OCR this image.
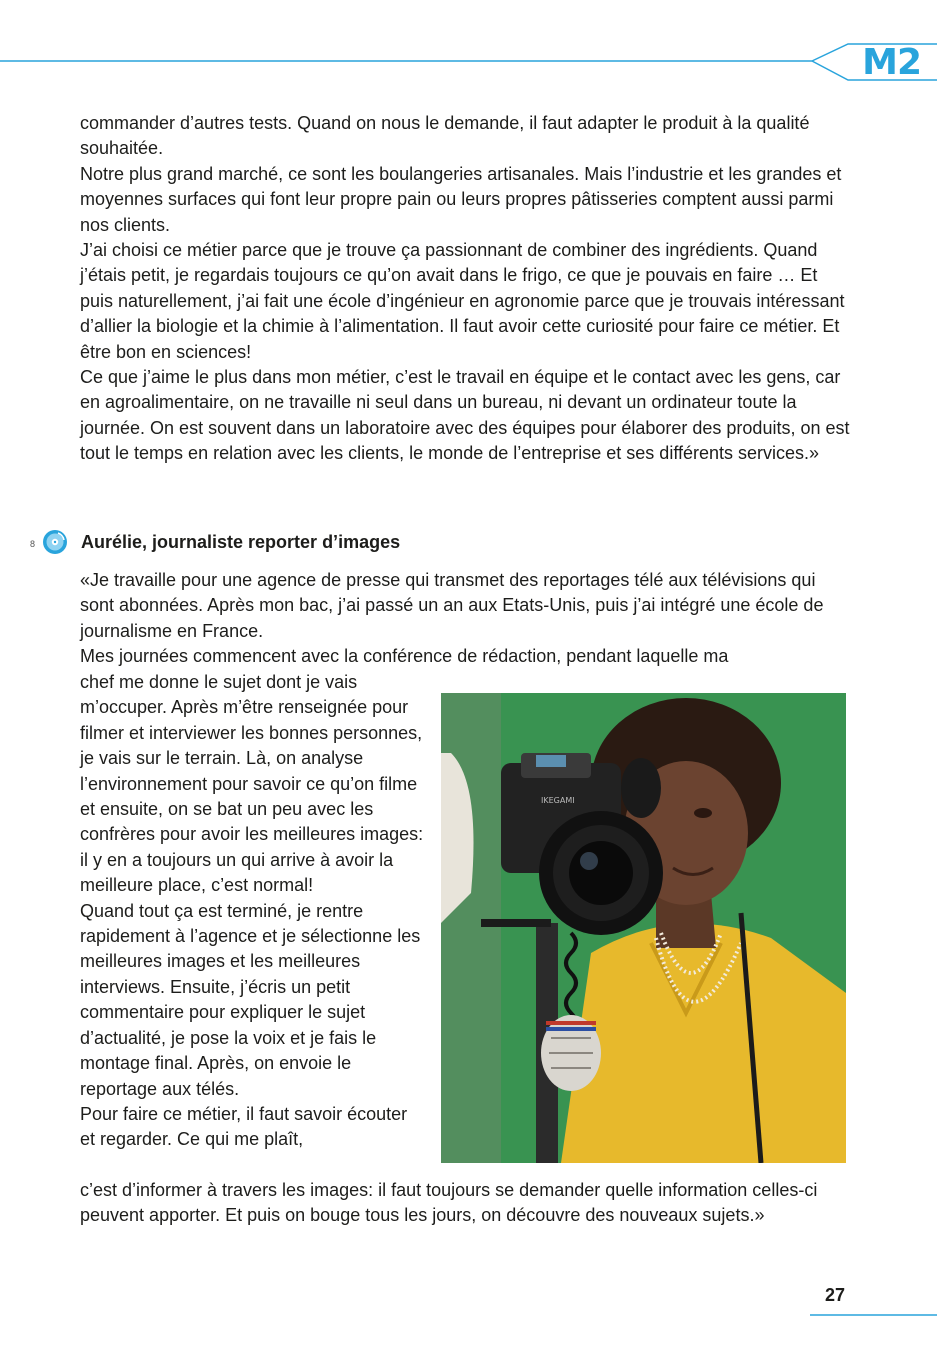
M2

commander d’autres tests. Quand on nous le demande, il faut adapter le produit à la qualité souhaitée.

Notre plus grand marché, ce sont les boulangeries artisanales. Mais l’industrie et les grandes et moyennes surfaces qui font leur propre pain ou leurs propres pâtisseries comptent aussi parmi nos clients.

J’ai choisi ce métier parce que je trouve ça passionnant de combiner des ingrédients. Quand j’étais petit, je regardais toujours ce qu’on avait dans le frigo, ce que je pouvais en faire … Et puis naturellement, j’ai fait une école d’ingénieur en agronomie parce que je trouvais intéressant d’allier la biologie et la chimie à l’alimentation. Il faut avoir cette curiosité pour faire ce métier. Et être bon en sciences!

Ce que j’aime le plus dans mon métier, c’est le travail en équipe et le contact avec les gens, car en agroalimentaire, on ne travaille ni seul dans un bureau, ni devant un ordinateur toute la journée. On est souvent dans un laboratoire avec des équipes pour élaborer des produits, on est tout le temps en relation avec les clients, le monde de l’entreprise et ses différents services.»

8	Aurélie, journaliste reporter d’images

«Je travaille pour une agence de presse qui transmet des reportages télé aux télévisions qui sont abonnées. Après mon bac, j’ai passé un an aux Etats-Unis, puis j’ai intégré une école de journalisme en France.

Mes journées commencent avec la conférence de rédaction, pendant laquelle ma

chef me donne le sujet dont je vais m’occuper. Après m’être renseignée pour filmer et interviewer les bonnes personnes, je vais sur le terrain. Là, on analyse l’environnement pour savoir ce qu’on filme et ensuite, on se bat un peu avec les confrères pour avoir les meilleures images: il y en a toujours un qui arrive à avoir la meilleure place, c’est normal!

Quand tout ça est terminé, je rentre rapidement à l’agence et je sélectionne les meilleures images et les meilleures interviews. Ensuite, j’écris un petit commentaire pour expliquer le sujet d’actualité, je pose la voix et je fais le montage final. Après, on envoie le reportage aux télés.

Pour faire ce métier, il faut savoir écouter et regarder. Ce qui me plaît,

IKEGAMI

c’est d’informer à travers les images: il faut toujours se demander quelle information celles-ci peuvent apporter. Et puis on bouge tous les jours, on découvre des nouveaux sujets.»

27
